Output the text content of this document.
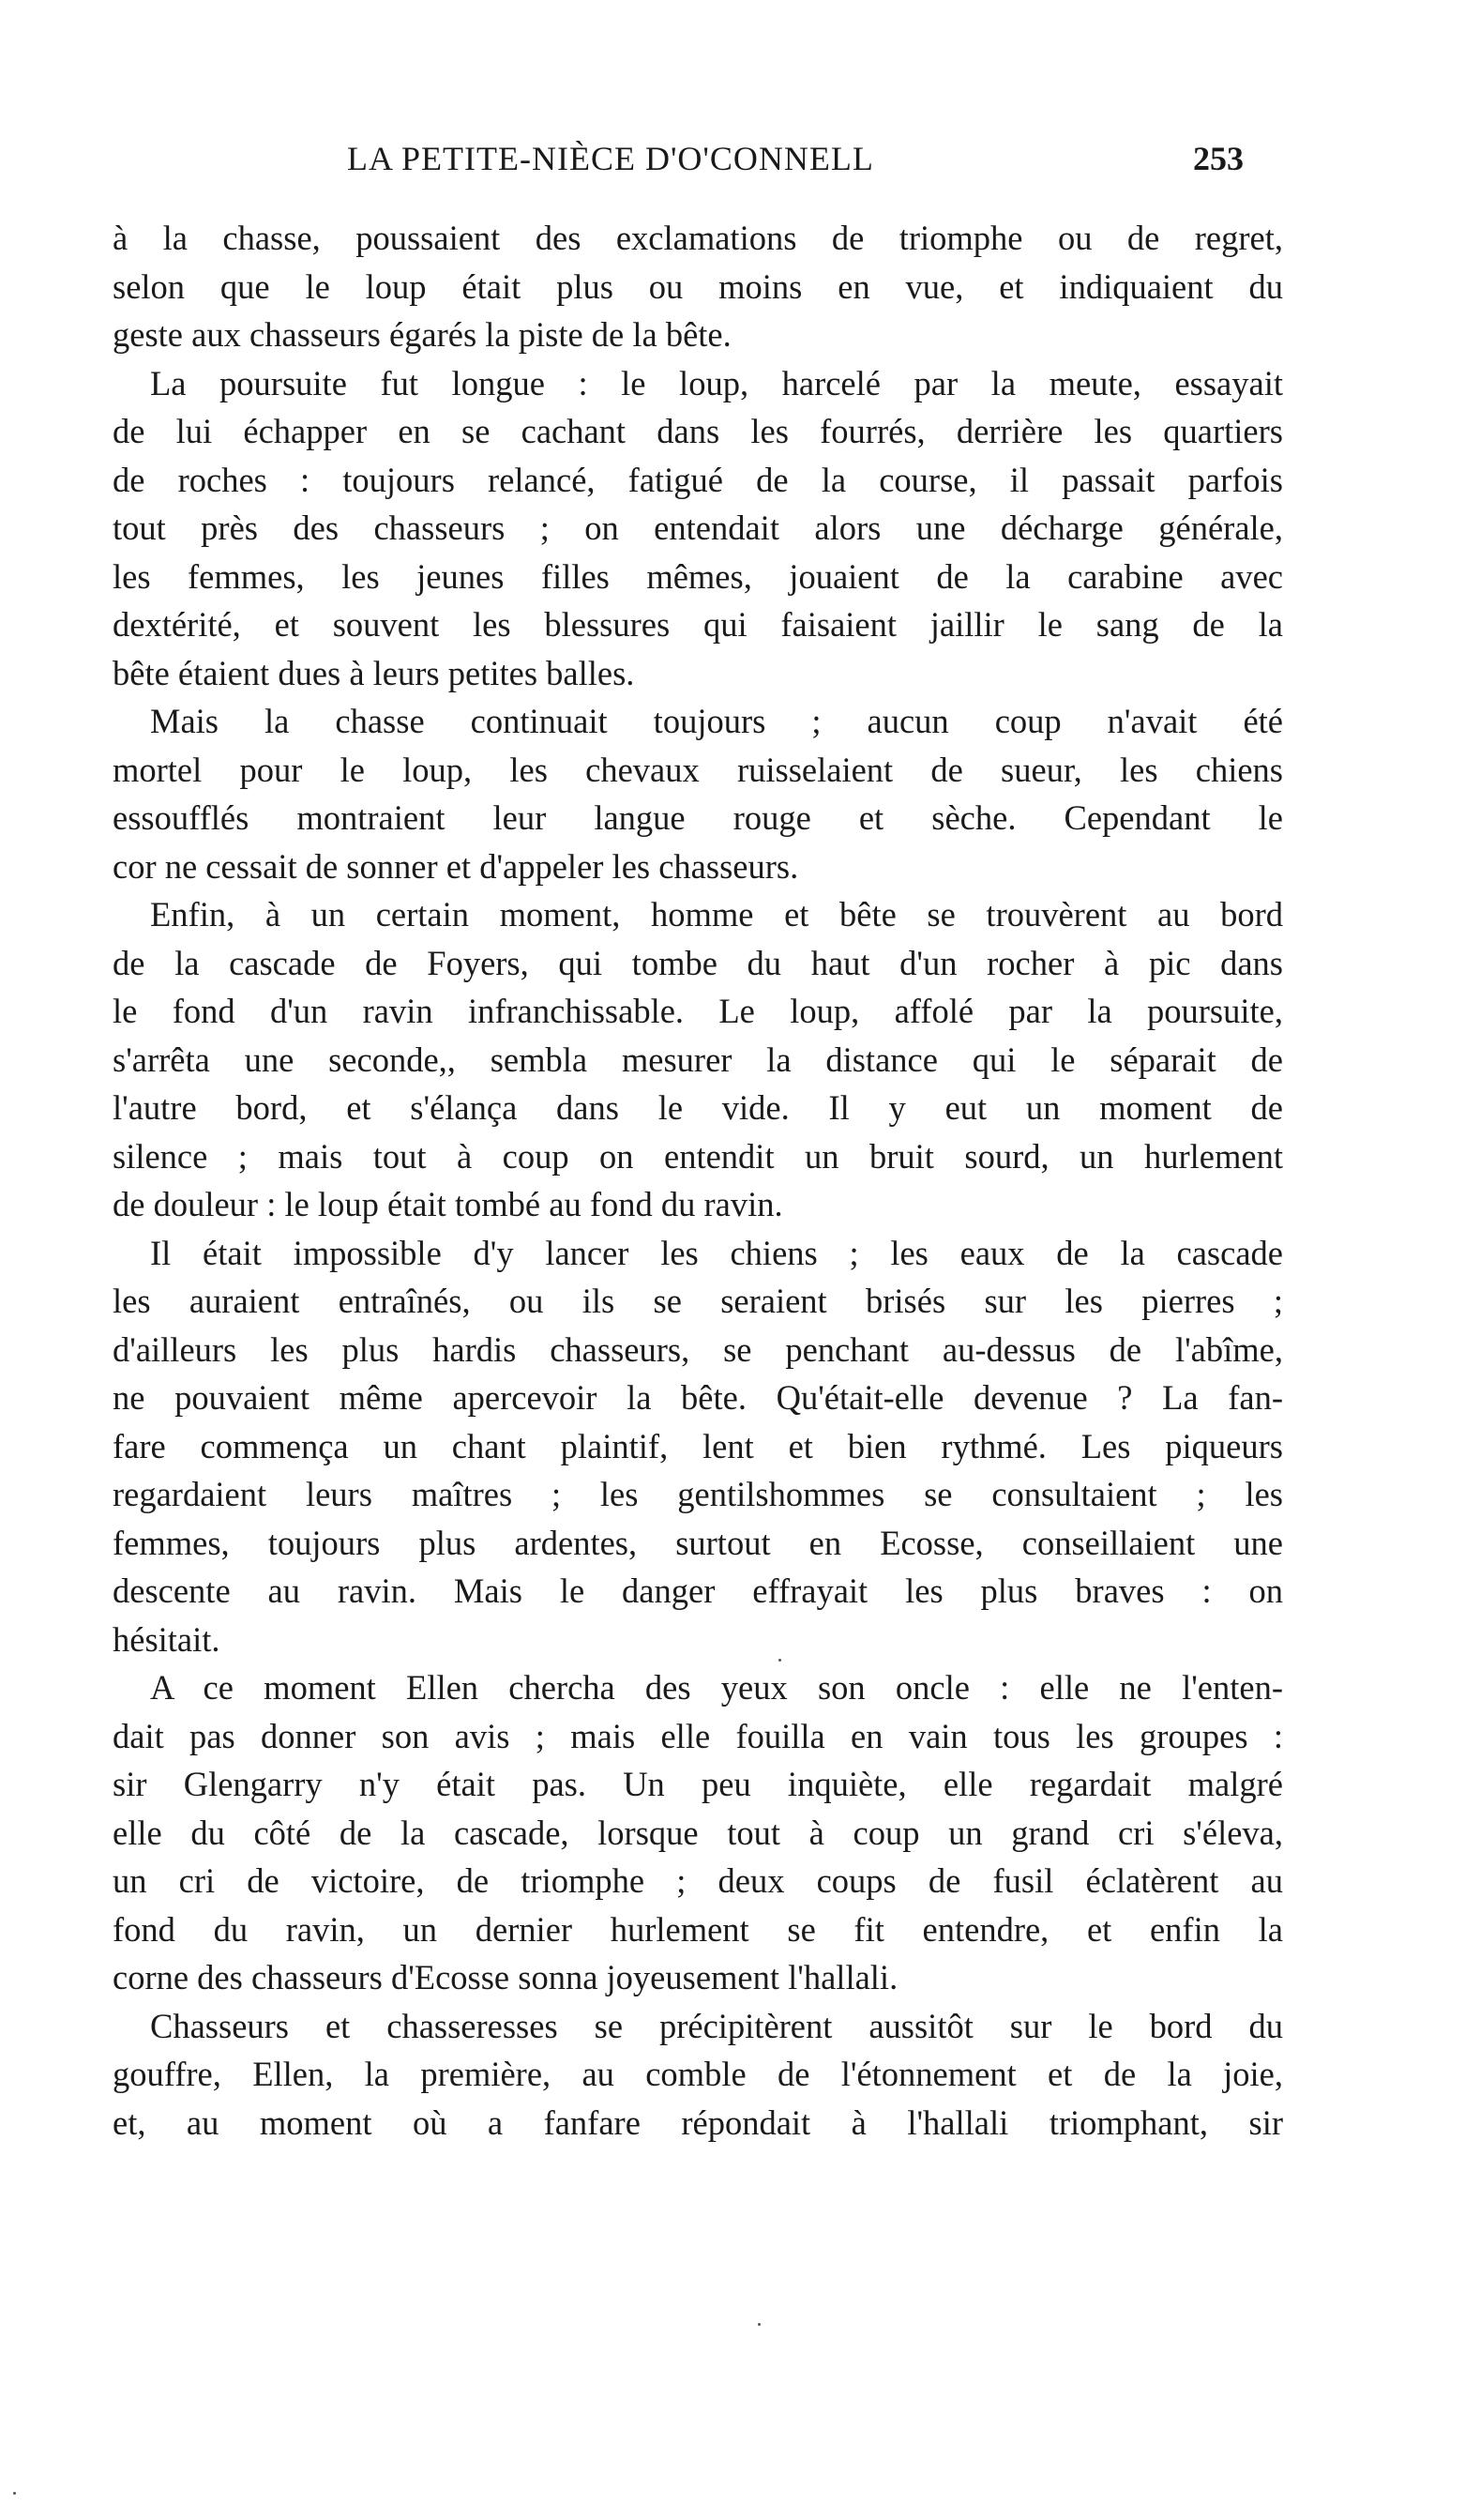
LA PETITE-NIÈCE D'O'CONNELL	253
à la chasse, poussaient des exclamations de triomphe ou de regret,
selon que le loup était plus ou moins en vue, et indiquaient du
geste aux chasseurs égarés la piste de la bête.
La poursuite fut longue : le loup, harcelé par la meute, essayait
de lui échapper en se cachant dans les fourrés, derrière les quartiers
de roches : toujours relancé, fatigué de la course, il passait parfois
tout près des chasseurs ; on entendait alors une décharge générale,
les femmes, les jeunes filles mêmes, jouaient de la carabine avec
dextérité, et souvent les blessures qui faisaient jaillir le sang de la
bête étaient dues à leurs petites balles.
Mais la chasse continuait toujours ; aucun coup n'avait été
mortel pour le loup, les chevaux ruisselaient de sueur, les chiens
essoufflés montraient leur langue rouge et sèche. Cependant le
cor ne cessait de sonner et d'appeler les chasseurs.
Enfin, à un certain moment, homme et bête se trouvèrent au bord
de la cascade de Foyers, qui tombe du haut d'un rocher à pic dans
le fond d'un ravin infranchissable. Le loup, affolé par la poursuite,
s'arrêta une seconde,, sembla mesurer la distance qui le séparait de
l'autre bord, et s'élança dans le vide. Il y eut un moment de
silence ; mais tout à coup on entendit un bruit sourd, un hurlement
de douleur : le loup était tombé au fond du ravin.
Il était impossible d'y lancer les chiens ; les eaux de la cascade
les auraient entraînés, ou ils se seraient brisés sur les pierres ;
d'ailleurs les plus hardis chasseurs, se penchant au-dessus de l'abîme,
ne pouvaient même apercevoir la bête. Qu'était-elle devenue ? La fan-
fare commença un chant plaintif, lent et bien rythmé. Les piqueurs
regardaient leurs maîtres ; les gentilshommes se consultaient ; les
femmes, toujours plus ardentes, surtout en Ecosse, conseillaient une
descente au ravin. Mais le danger effrayait les plus braves : on
hésitait.
A ce moment Ellen chercha des yeux son oncle : elle ne l'enten-
dait pas donner son avis ; mais elle fouilla en vain tous les groupes :
sir Glengarry n'y était pas. Un peu inquiète, elle regardait malgré
elle du côté de la cascade, lorsque tout à coup un grand cri s'éleva,
un cri de victoire, de triomphe ; deux coups de fusil éclatèrent au
fond du ravin, un dernier hurlement se fit entendre, et enfin la
corne des chasseurs d'Ecosse sonna joyeusement l'hallali.
Chasseurs et chasseresses se précipitèrent aussitôt sur le bord du
gouffre, Ellen, la première, au comble de l'étonnement et de la joie,
et, au moment où a fanfare répondait à l'hallali triomphant, sir
